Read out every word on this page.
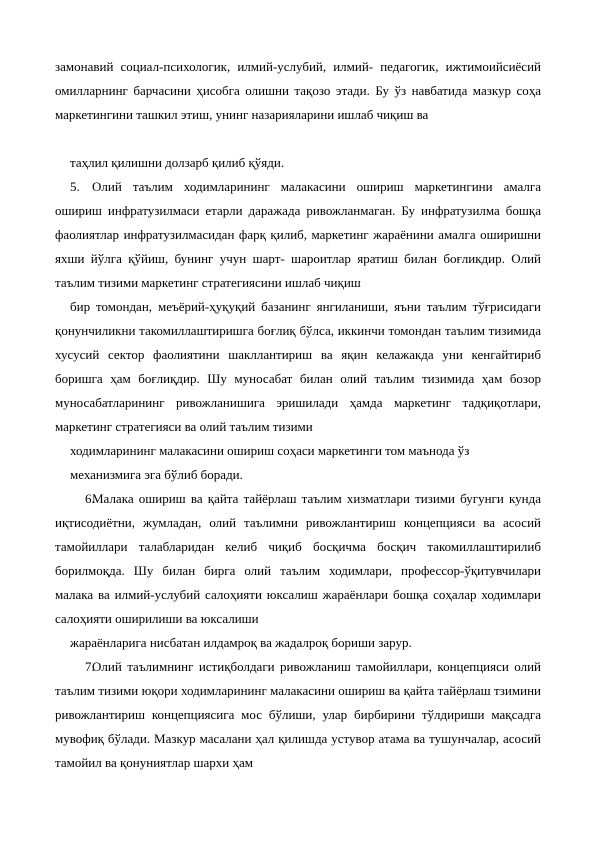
замонавий социал-психологик, илмий-услубий, илмий- педагогик, ижтимоийсиёсий омилларнинг барчасини ҳисобга олишни тақозо этади. Бу ўз навбатида мазкур соҳа маркетингини ташкил этиш, унинг назарияларини ишлаб чиқиш ва
таҳлил қилишни долзарб қилиб қўяди.
5. Олий таълим ходимларининг малакасини ошириш маркетингини амалга ошириш инфратузилмаси етарли даражада ривожланмаган. Бу инфратузилма бошқа фаолиятлар инфратузилмасидан фарқ қилиб, маркетинг жараёнини амалга оширишни яхши йўлга қўйиш, бунинг учун шарт- шароитлар яратиш билан боғликдир. Олий таълим тизими маркетинг стратегиясини ишлаб чиқиш
бир томондан, меъёрий-ҳуқуқий базанинг янгиланиши, яъни таълим тўғрисидаги қонунчиликни такомиллаштиришга боғлиқ бўлса, иккинчи томондан таълим тизимида хусусий сектор фаолиятини шакллантириш ва яқин келажакда уни кенгайтириб боришга ҳам боғлиқдир. Шу муносабат билан олий таълим тизимида ҳам бозор муносабатларининг ривожланишига эришилади ҳамда маркетинг тадқиқотлари, маркетинг стратегияси ва олий таълим тизими
ходимларининг малакасини ошириш соҳаси маркетинги том маънода ўз
механизмига эга бўлиб боради.
6.Малака ошириш ва қайта тайёрлаш таълим хизматлари тизими бугунги кунда иқтисодиётни, жумладан, олий таълимни ривожлантириш концепцияси ва асосий тамойиллари талабларидан келиб чиқиб босқичма босқич такомиллаштирилиб борилмоқда. Шу билан бирга олий таълим ходимлари, профессор-ўқитувчилари малака ва илмий-услубий салоҳияти юксалиш жараёнлари бошқа соҳалар ходимлари салоҳияти оширилиши ва юксалиши
жараёнларига нисбатан илдамроқ ва жадалроқ бориши зарур.
7.Олий таълимнинг истиқболдаги ривожланиш тамойиллари, концепцияси олий таълим тизими юқори ходимларининг малакасини ошириш ва қайта тайёрлаш тзимини ривожлантириш концепциясига мос бўлиши, улар бирбирини тўлдириши мақсадга мувофиқ бўлади. Мазкур масалани ҳал қилишда устувор атама ва тушунчалар, асосий тамойил ва қонуниятлар шархи ҳам
